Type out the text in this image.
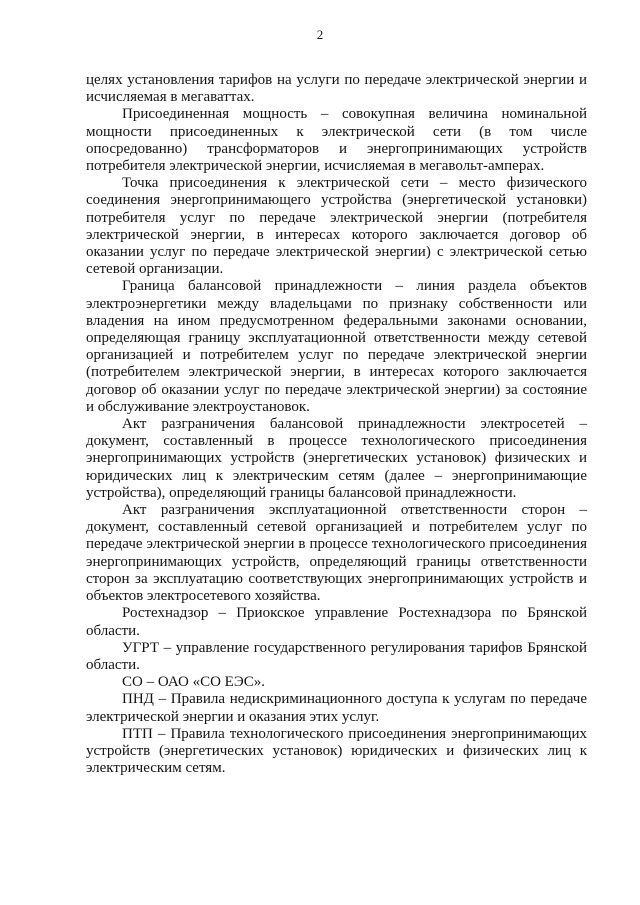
2

целях установления тарифов на услуги по передаче электрической энергии и исчисляемая в мегаваттах.

Присоединенная мощность – совокупная величина номинальной мощности присоединенных к электрической сети (в том числе опосредованно) трансформаторов и энергопринимающих устройств потребителя электрической энергии, исчисляемая в мегавольт-амперах.

Точка присоединения к электрической сети – место физического соединения энергопринимающего устройства (энергетической установки) потребителя услуг по передаче электрической энергии (потребителя электрической энергии, в интересах которого заключается договор об оказании услуг по передаче электрической энергии) с электрической сетью сетевой организации.

Граница балансовой принадлежности – линия раздела объектов электроэнергетики между владельцами по признаку собственности или владения на ином предусмотренном федеральными законами основании, определяющая границу эксплуатационной ответственности между сетевой организацией и потребителем услуг по передаче электрической энергии (потребителем электрической энергии, в интересах которого заключается договор об оказании услуг по передаче электрической энергии) за состояние и обслуживание электроустановок.

Акт разграничения балансовой принадлежности электросетей – документ, составленный в процессе технологического присоединения энергопринимающих устройств (энергетических установок) физических и юридических лиц к электрическим сетям (далее – энергопринимающие устройства), определяющий границы балансовой принадлежности.

Акт разграничения эксплуатационной ответственности сторон – документ, составленный сетевой организацией и потребителем услуг по передаче электрической энергии в процессе технологического присоединения энергопринимающих устройств, определяющий границы ответственности сторон за эксплуатацию соответствующих энергопринимающих устройств и объектов электросетевого хозяйства.

Ростехнадзор – Приокское управление Ростехнадзора по Брянской области.

УГРТ – управление государственного регулирования тарифов Брянской области.

СО – ОАО «СО ЕЭС».

ПНД – Правила недискриминационного доступа к услугам по передаче электрической энергии и оказания этих услуг.

ПТП – Правила технологического присоединения энергопринимающих устройств (энергетических установок) юридических и физических лиц к электрическим сетям.
